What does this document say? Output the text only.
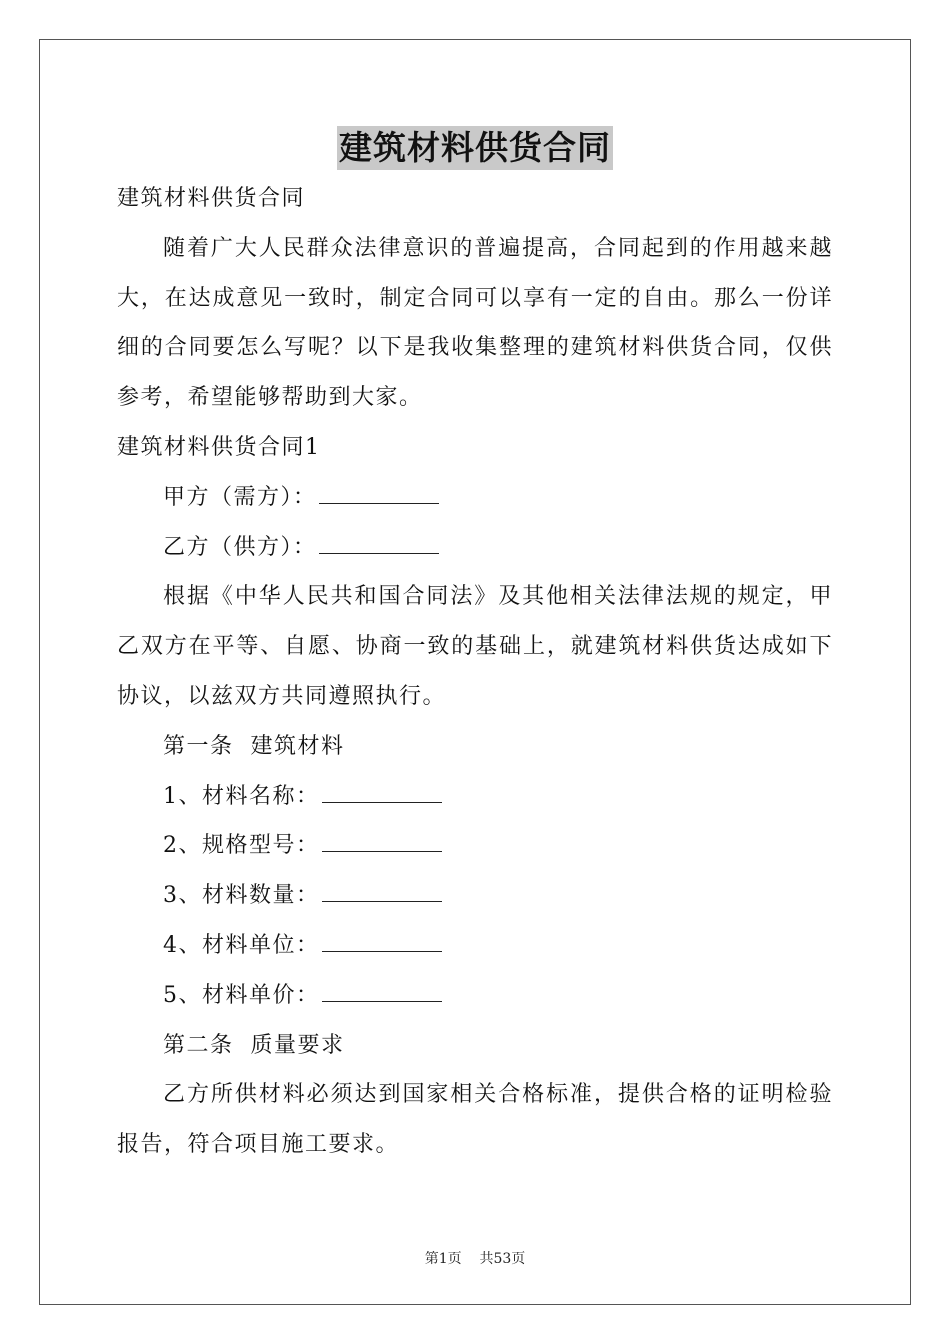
建筑材料供货合同

建筑材料供货合同

随着广大人民群众法律意识的普遍提高，合同起到的作用越来越大，在达成意见一致时，制定合同可以享有一定的自由。那么一份详细的合同要怎么写呢？以下是我收集整理的建筑材料供货合同，仅供参考，希望能够帮助到大家。

建筑材料供货合同1

甲方（需方）：

乙方（供方）：

根据《中华人民共和国合同法》及其他相关法律法规的规定，甲乙双方在平等、自愿、协商一致的基础上，就建筑材料供货达成如下协议，以兹双方共同遵照执行。

第一条  建筑材料

1、材料名称：

2、规格型号：

3、材料数量：

4、材料单位：

5、材料单价：

第二条  质量要求

乙方所供材料必须达到国家相关合格标准，提供合格的证明检验报告，符合项目施工要求。

第1页    共53页
